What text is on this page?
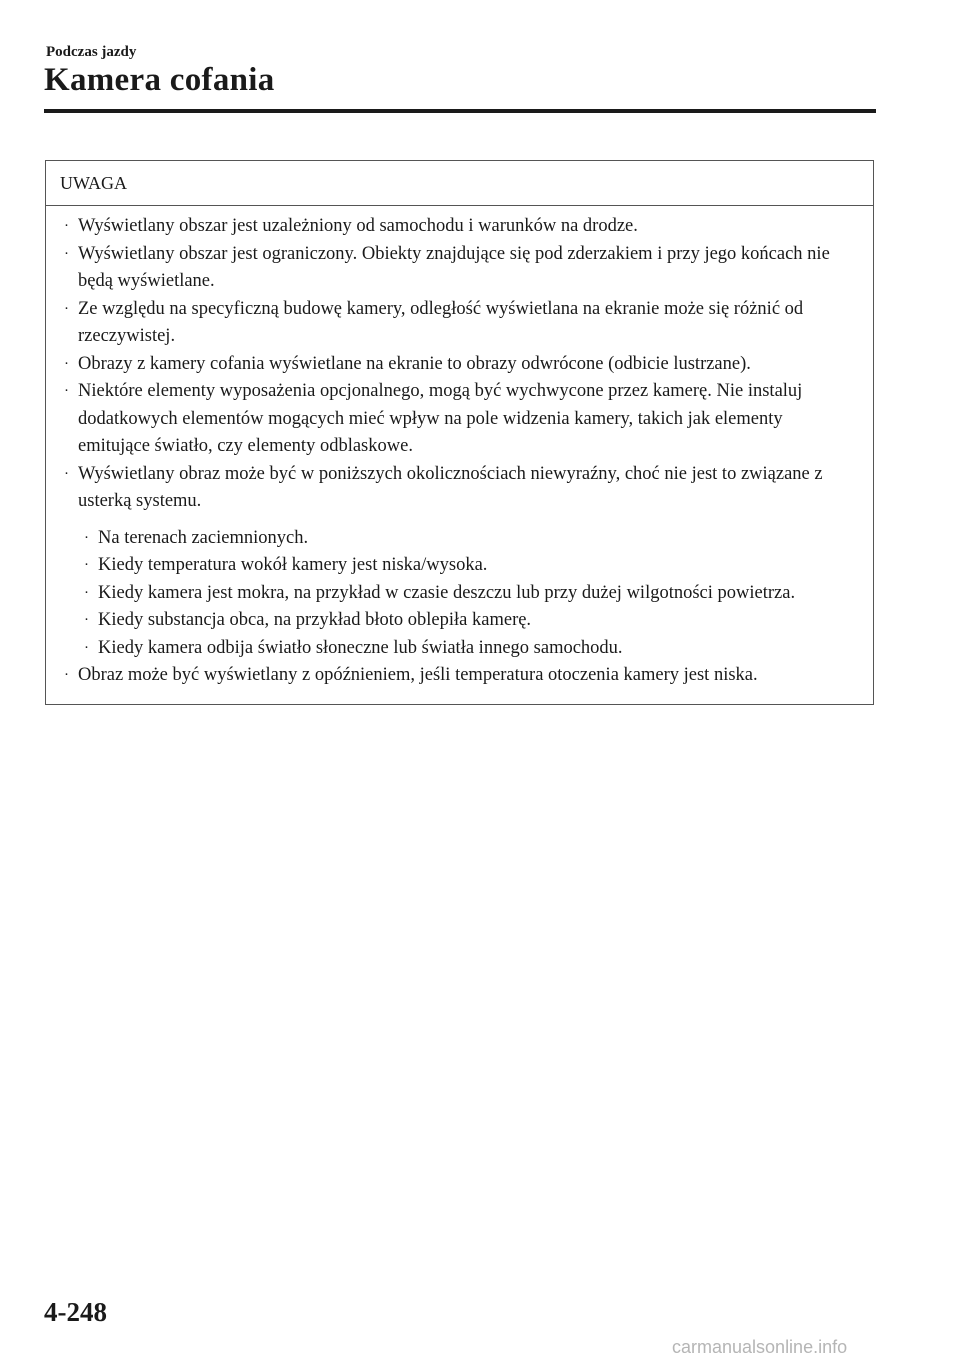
Podczas jazdy
Kamera cofania
UWAGA
· Wyświetlany obszar jest uzależniony od samochodu i warunków na drodze.
· Wyświetlany obszar jest ograniczony. Obiekty znajdujące się pod zderzakiem i przy jego końcach nie będą wyświetlane.
· Ze względu na specyficzną budowę kamery, odległość wyświetlana na ekranie może się różnić od rzeczywistej.
· Obrazy z kamery cofania wyświetlane na ekranie to obrazy odwrócone (odbicie lustrzane).
· Niektóre elementy wyposażenia opcjonalnego, mogą być wychwycone przez kamerę. Nie instaluj dodatkowych elementów mogących mieć wpływ na pole widzenia kamery, takich jak elementy emitujące światło, czy elementy odblaskowe.
· Wyświetlany obraz może być w poniższych okolicznościach niewyraźny, choć nie jest to związane z usterką systemu.
· Na terenach zaciemnionych.
· Kiedy temperatura wokół kamery jest niska/wysoka.
· Kiedy kamera jest mokra, na przykład w czasie deszczu lub przy dużej wilgotności powietrza.
· Kiedy substancja obca, na przykład błoto oblepiła kamerę.
· Kiedy kamera odbija światło słoneczne lub światła innego samochodu.
· Obraz może być wyświetlany z opóźnieniem, jeśli temperatura otoczenia kamery jest niska.
4-248
carmanualsonline.info
